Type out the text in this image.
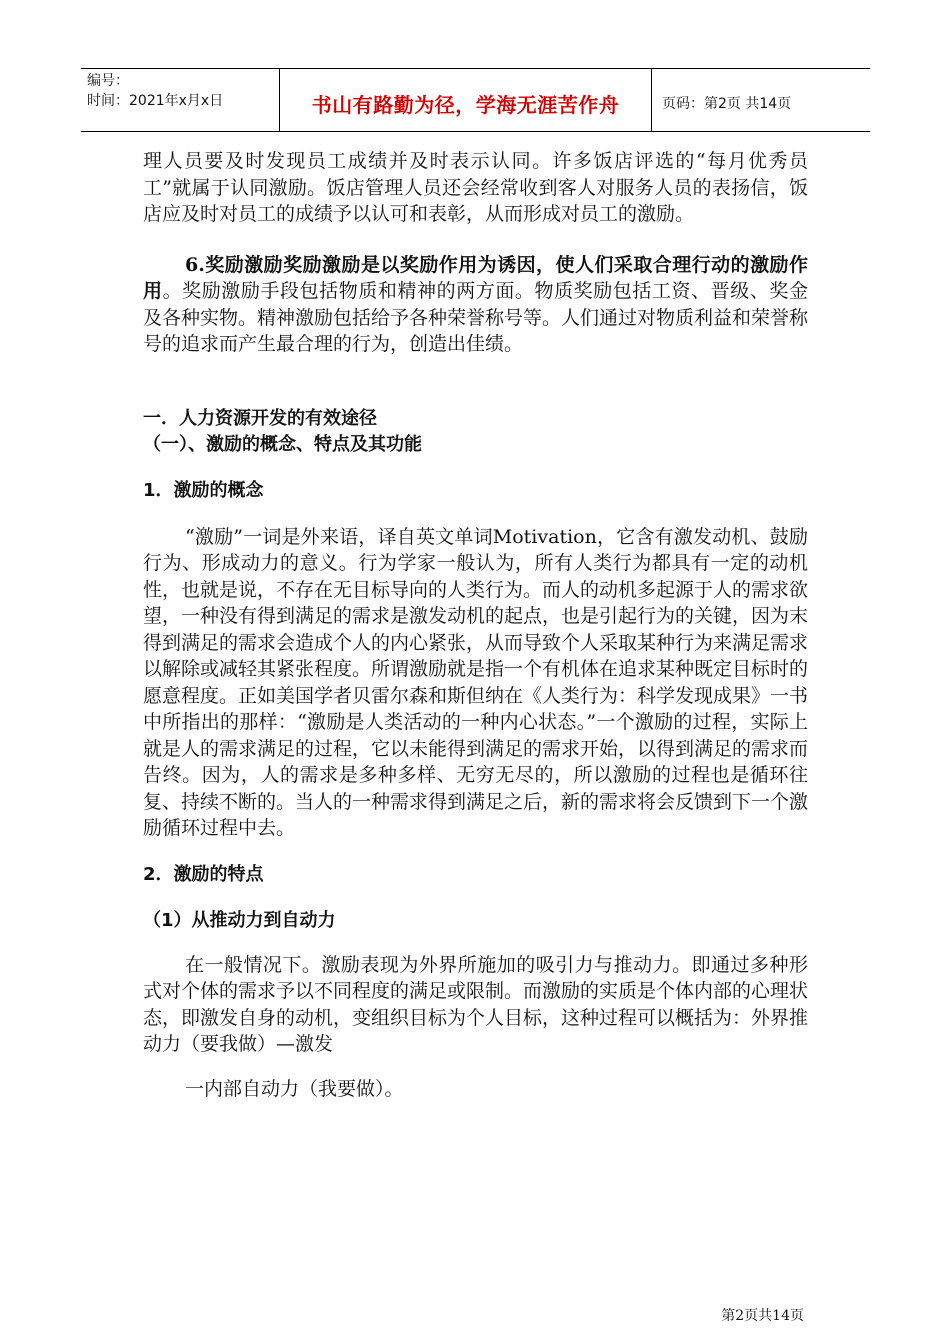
编号：
时间：2021年x月x日	书山有路勤为径，学海无涯苦作舟	页码：第2页 共14页

理人员要及时发现员工成绩并及时表示认同。许多饭店评选的“每月优秀员工”就属于认同激励。饭店管理人员还会经常收到客人对服务人员的表扬信，饭店应及时对员工的成绩予以认可和表彰，从而形成对员工的激励。

6.奖励激励奖励激励是以奖励作用为诱因，使人们采取合理行动的激励作用。奖励激励手段包括物质和精神的两方面。物质奖励包括工资、晋级、奖金及各种实物。精神激励包括给予各种荣誉称号等。人们通过对物质利益和荣誉称号的追求而产生最合理的行为，创造出佳绩。

一．人力资源开发的有效途径

（一）、激励的概念、特点及其功能

1．激励的概念

“激励”一词是外来语，译自英文单词Motivation，它含有激发动机、鼓励行为、形成动力的意义。行为学家一般认为，所有人类行为都具有一定的动机性，也就是说，不存在无目标导向的人类行为。而人的动机多起源于人的需求欲望，一种没有得到满足的需求是激发动机的起点，也是引起行为的关键，因为末得到满足的需求会造成个人的内心紧张，从而导致个人采取某种行为来满足需求以解除或减轻其紧张程度。所谓激励就是指一个有机体在追求某种既定目标时的愿意程度。正如美国学者贝雷尔森和斯但纳在《人类行为：科学发现成果》一书中所指出的那样：“激励是人类活动的一种内心状态。”一个激励的过程，实际上就是人的需求满足的过程，它以未能得到满足的需求开始，以得到满足的需求而告终。因为，人的需求是多种多样、无穷无尽的，所以激励的过程也是循环往复、持续不断的。当人的一种需求得到满足之后，新的需求将会反馈到下一个激励循环过程中去。

2．激励的特点

（1）从推动力到自动力

在一般情况下。激励表现为外界所施加的吸引力与推动力。即通过多种形式对个体的需求予以不同程度的满足或限制。而激励的实质是个体内部的心理状态，即激发自身的动机，变组织目标为个人目标，这种过程可以概括为：外界推动力（要我做）—激发

一内部自动力（我要做）。

第2页共14页
